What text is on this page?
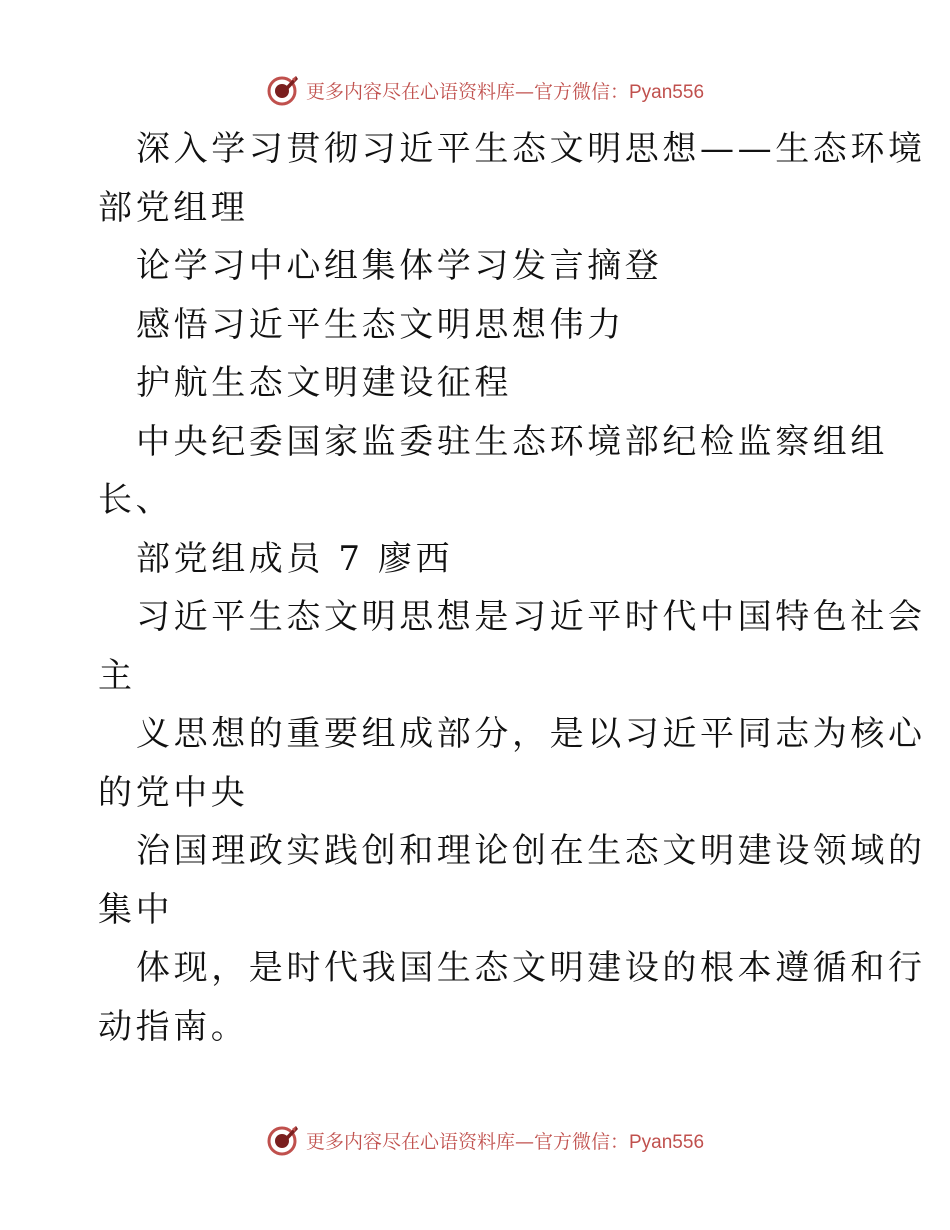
更多内容尽在心语资料库—官方微信：Pyan556
深入学习贯彻习近平生态文明思想——生态环境
部党组理
论学习中心组集体学习发言摘登
感悟习近平生态文明思想伟力
护航生态文明建设征程
中央纪委国家监委驻生态环境部纪检监察组组
长、
部党组成员 7 廖西
习近平生态文明思想是习近平时代中国特色社会
主
义思想的重要组成部分，是以习近平同志为核心
的党中央
治国理政实践创和理论创在生态文明建设领域的
集中
体现，是时代我国生态文明建设的根本遵循和行
动指南。
更多内容尽在心语资料库—官方微信：Pyan556
